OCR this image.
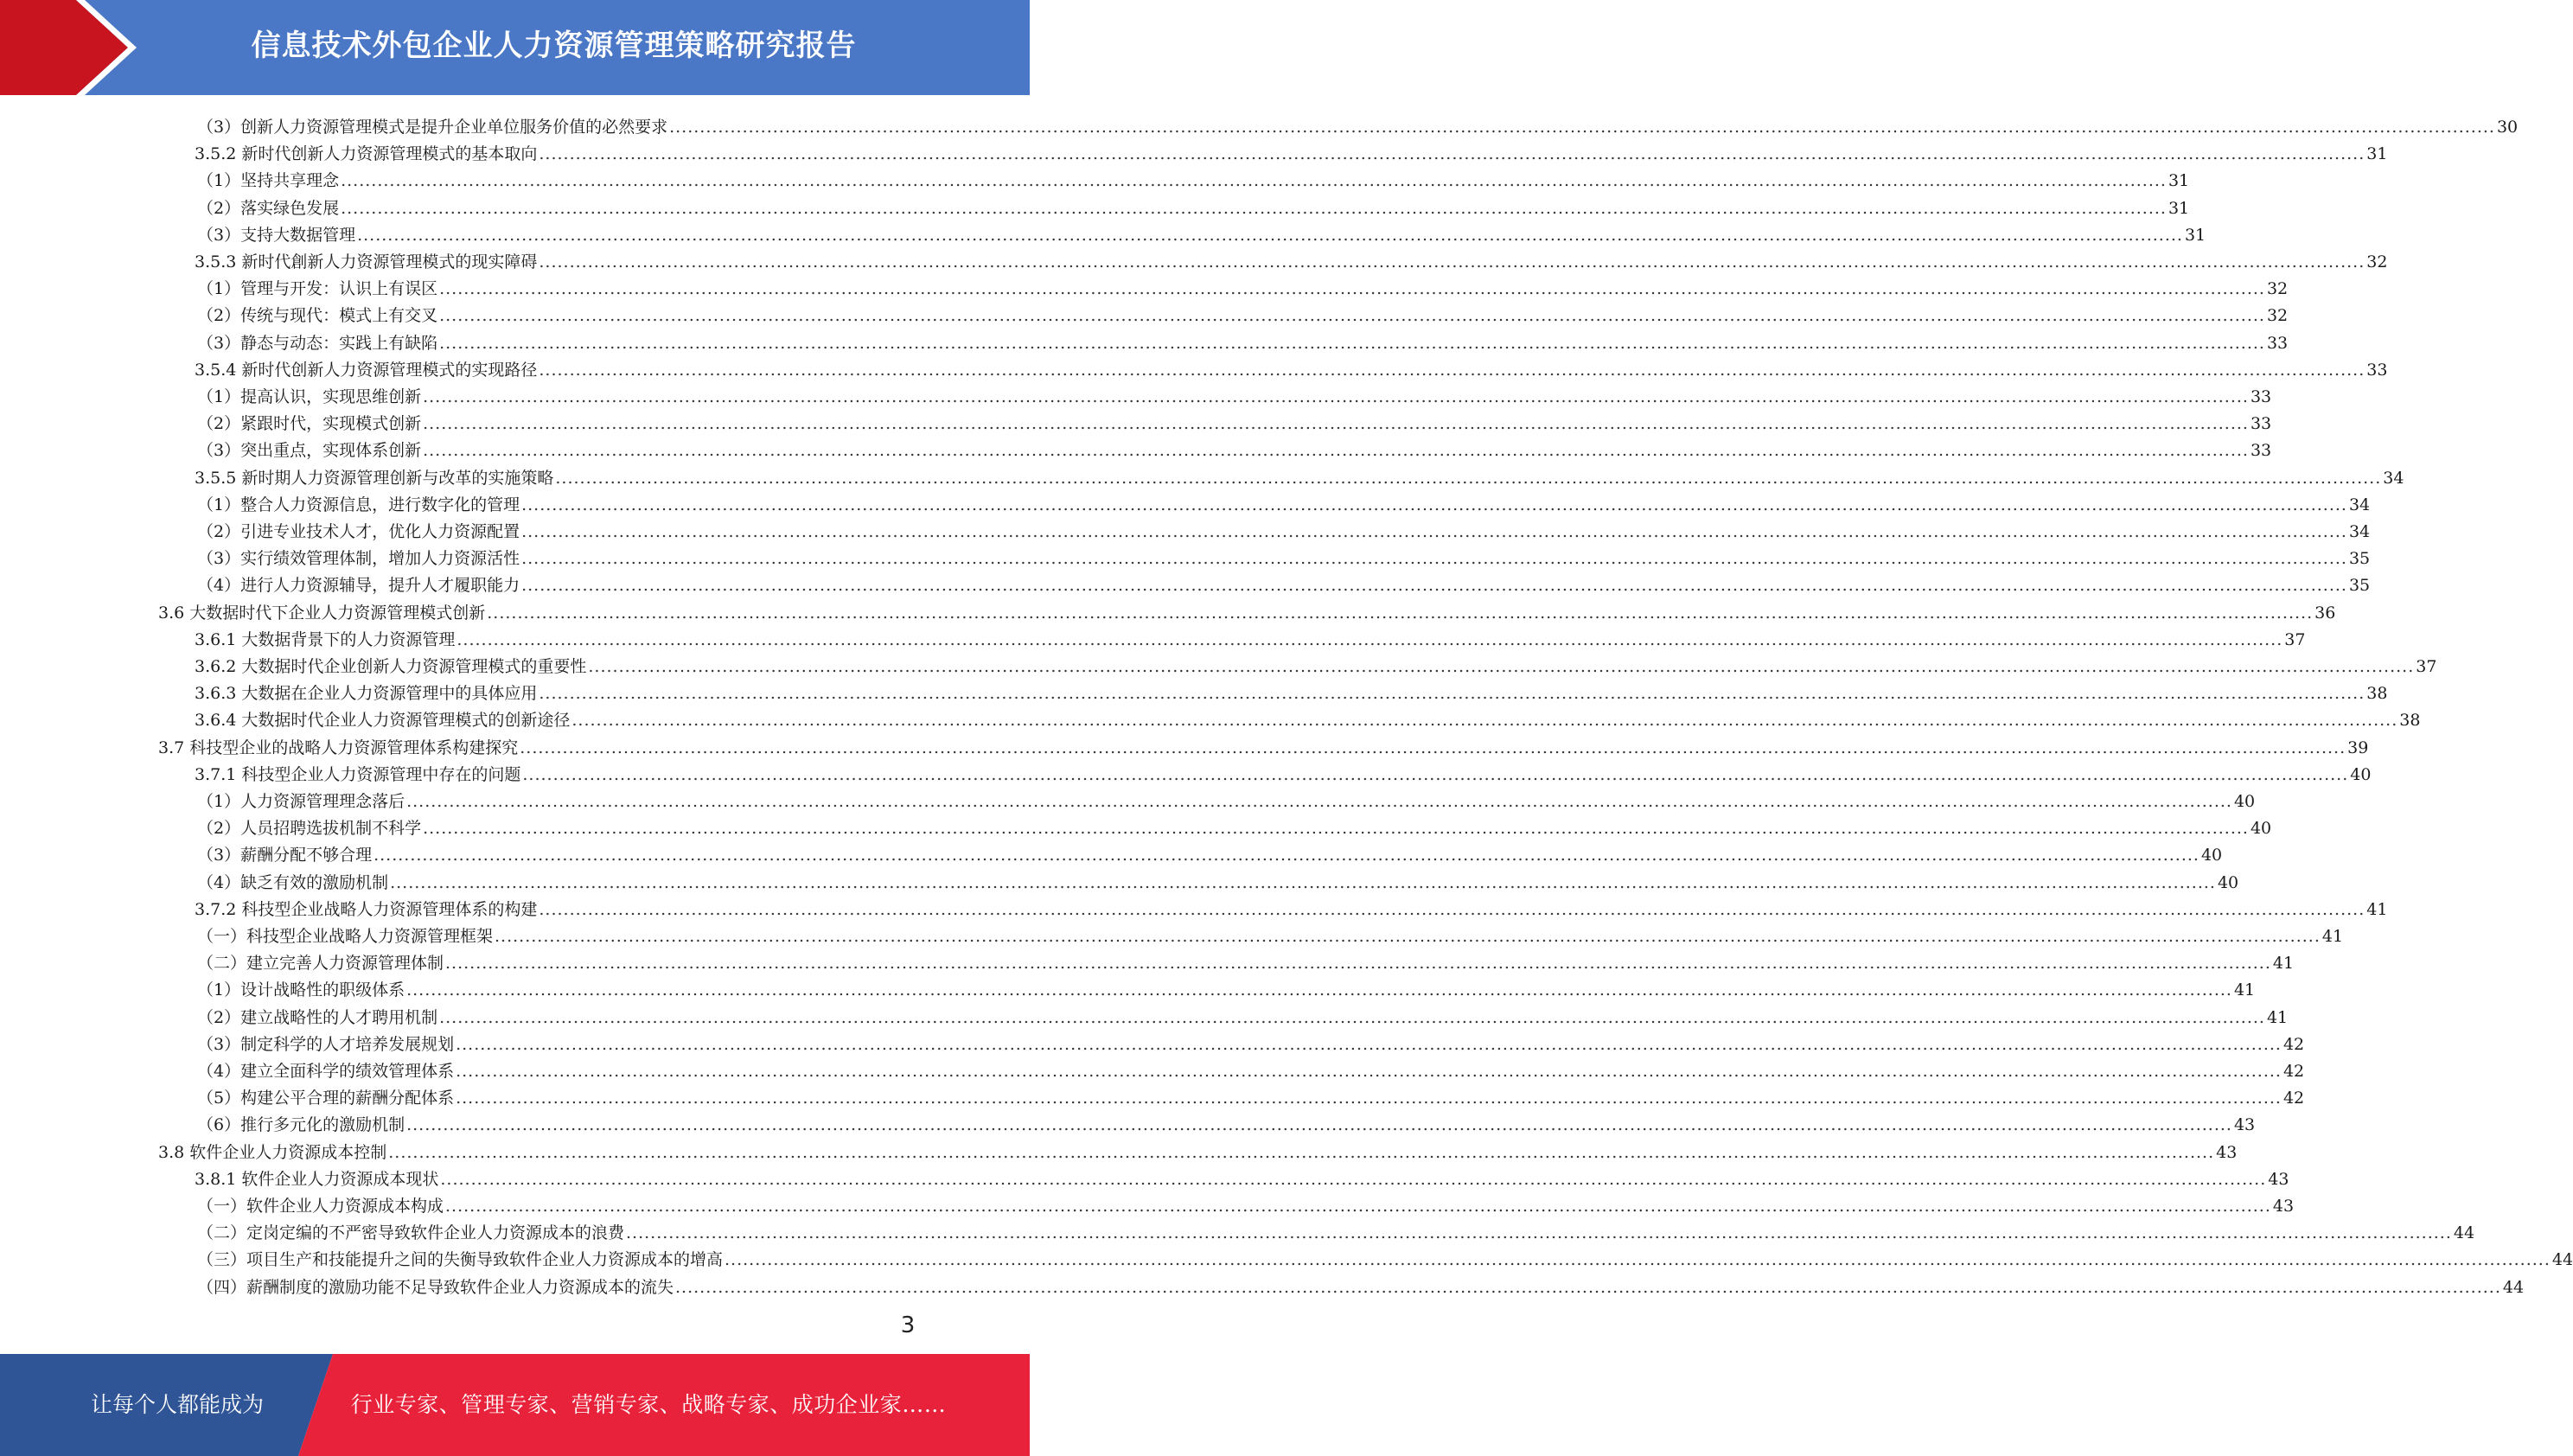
信息技术外包企业人力资源管理策略研究报告
（3）创新人力资源管理模式是提升企业单位服务价值的必然要求 ............................................................................................................................................................................................................................................................................................................ 30
3.5.2 新时代创新人力资源管理模式的基本取向 ............................................................................................................................................................................................................................................................................................................ 31
（1）坚持共享理念 ............................................................................................................................................................................................................................................................................................................ 31
（2）落实绿色发展 ............................................................................................................................................................................................................................................................................................................ 31
（3）支持大数据管理 ............................................................................................................................................................................................................................................................................................................ 31
3.5.3 新时代創新人力资源管理模式的现实障碍 ............................................................................................................................................................................................................................................................................................................ 32
（1）管理与开发：认识上有误区 ............................................................................................................................................................................................................................................................................................................ 32
（2）传统与现代：模式上有交叉 ............................................................................................................................................................................................................................................................................................................ 32
（3）静态与动态：实践上有缺陷 ............................................................................................................................................................................................................................................................................................................ 33
3.5.4 新时代创新人力资源管理模式的实现路径 ............................................................................................................................................................................................................................................................................................................ 33
（1）提高认识，实现思维创新 ............................................................................................................................................................................................................................................................................................................ 33
（2）紧跟时代，实现模式创新 ............................................................................................................................................................................................................................................................................................................ 33
（3）突出重点，实现体系创新 ............................................................................................................................................................................................................................................................................................................ 33
3.5.5 新时期人力资源管理创新与改革的实施策略 ............................................................................................................................................................................................................................................................................................................ 34
（1）整合人力资源信息，进行数字化的管理 ............................................................................................................................................................................................................................................................................................................ 34
（2）引进专业技术人才，优化人力资源配置 ............................................................................................................................................................................................................................................................................................................ 34
（3）实行绩效管理体制，增加人力资源活性 ............................................................................................................................................................................................................................................................................................................ 35
（4）进行人力资源辅导，提升人才履职能力 ............................................................................................................................................................................................................................................................................................................ 35
3.6 大数据时代下企业人力资源管理模式创新 ............................................................................................................................................................................................................................................................................................................ 36
3.6.1 大数据背景下的人力资源管理 ............................................................................................................................................................................................................................................................................................................ 37
3.6.2 大数据时代企业创新人力资源管理模式的重要性 ............................................................................................................................................................................................................................................................................................................ 37
3.6.3 大数据在企业人力资源管理中的具体应用 ............................................................................................................................................................................................................................................................................................................ 38
3.6.4 大数据时代企业人力资源管理模式的创新途径 ............................................................................................................................................................................................................................................................................................................ 38
3.7 科技型企业的战略人力资源管理体系构建探究 ............................................................................................................................................................................................................................................................................................................ 39
3.7.1 科技型企业人力资源管理中存在的问题 ............................................................................................................................................................................................................................................................................................................ 40
（1）人力资源管理理念落后 ............................................................................................................................................................................................................................................................................................................ 40
（2）人员招聘选拔机制不科学 ............................................................................................................................................................................................................................................................................................................ 40
（3）薪酬分配不够合理 ............................................................................................................................................................................................................................................................................................................ 40
（4）缺乏有效的激励机制 ............................................................................................................................................................................................................................................................................................................ 40
3.7.2 科技型企业战略人力资源管理体系的构建 ............................................................................................................................................................................................................................................................................................................ 41
（一）科技型企业战略人力资源管理框架 ............................................................................................................................................................................................................................................................................................................ 41
（二）建立完善人力资源管理体制 ............................................................................................................................................................................................................................................................................................................ 41
（1）设计战略性的职级体系 ............................................................................................................................................................................................................................................................................................................ 41
（2）建立战略性的人才聘用机制 ............................................................................................................................................................................................................................................................................................................ 41
（3）制定科学的人才培养发展规划 ............................................................................................................................................................................................................................................................................................................ 42
（4）建立全面科学的绩效管理体系 ............................................................................................................................................................................................................................................................................................................ 42
（5）构建公平合理的薪酬分配体系 ............................................................................................................................................................................................................................................................................................................ 42
（6）推行多元化的激励机制 ............................................................................................................................................................................................................................................................................................................ 43
3.8 软件企业人力资源成本控制 ............................................................................................................................................................................................................................................................................................................ 43
3.8.1 软件企业人力资源成本现状 ............................................................................................................................................................................................................................................................................................................ 43
（一）软件企业人力资源成本构成 ............................................................................................................................................................................................................................................................................................................ 43
（二）定岗定编的不严密导致软件企业人力资源成本的浪费 ............................................................................................................................................................................................................................................................................................................ 44
（三）项目生产和技能提升之间的失衡导致软件企业人力资源成本的增高 ............................................................................................................................................................................................................................................................................................................ 44
（四）薪酬制度的激励功能不足导致软件企业人力资源成本的流失 ............................................................................................................................................................................................................................................................................................................ 44
3
让每个人都能成为	行业专家、管理专家、营销专家、战略专家、成功企业家……
